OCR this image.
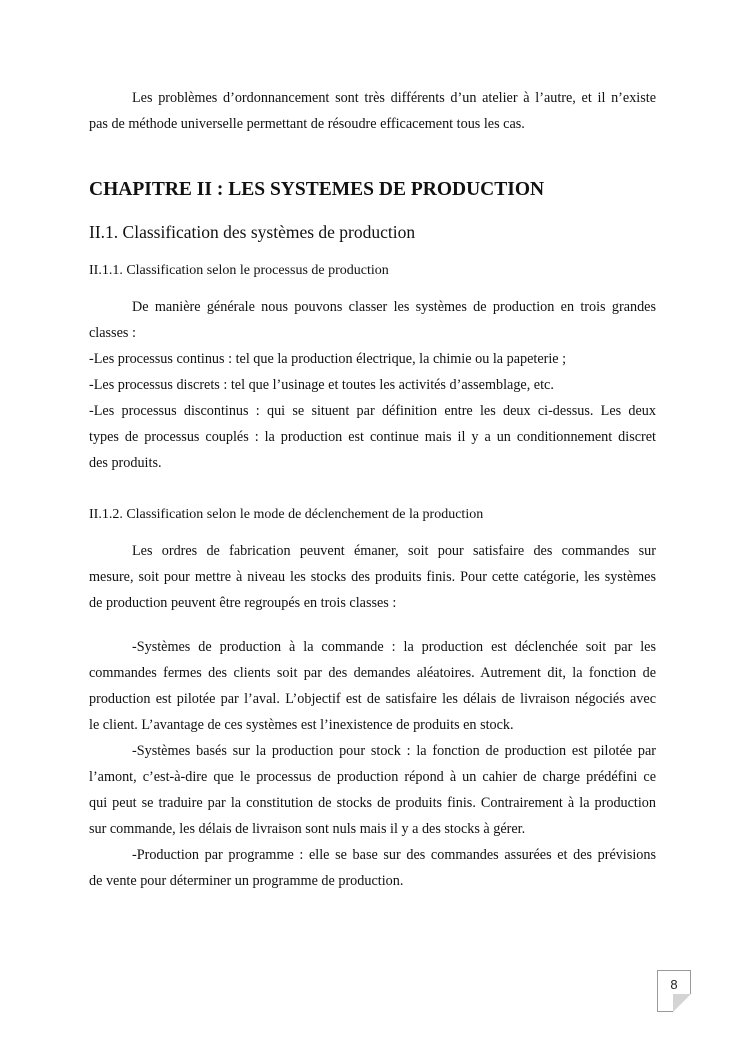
Les problèmes d’ordonnancement sont très différents d’un atelier à l’autre, et il n’existe
pas de méthode universelle permettant de résoudre efficacement tous les cas.
CHAPITRE II : LES SYSTEMES DE PRODUCTION
II.1. Classification des systèmes de production
II.1.1. Classification selon le processus de production
De manière générale nous pouvons classer les systèmes de production en trois grandes
classes :
-Les processus continus : tel que la production électrique, la chimie ou la papeterie ;
-Les processus discrets : tel que l’usinage et toutes les activités d’assemblage, etc.
-Les processus discontinus : qui se situent par définition entre les deux ci-dessus. Les deux
types de processus couplés : la production est continue mais il y a un conditionnement discret
des produits.
II.1.2. Classification selon le mode de déclenchement de la production
Les ordres de fabrication peuvent émaner, soit pour satisfaire des commandes sur
mesure, soit pour mettre à niveau les stocks des produits finis. Pour cette catégorie, les systèmes
de production peuvent être regroupés en trois classes :
-Systèmes de production à la commande : la production est déclenchée soit par les
commandes fermes des clients soit par des demandes aléatoires. Autrement dit, la fonction de
production est pilotée par l’aval. L’objectif est de satisfaire les délais de livraison négociés avec
le client. L’avantage de ces systèmes est l’inexistence de produits en stock.
-Systèmes basés sur la production pour stock : la fonction de production est pilotée par
l’amont, c’est-à-dire que le processus de production répond à un cahier de charge prédéfini ce
qui peut se traduire par la constitution de stocks de produits finis. Contrairement à la production
sur commande, les délais de livraison sont nuls mais il y a des stocks à gérer.
-Production par programme : elle se base sur des commandes assurées et des prévisions
de vente pour déterminer un programme de production.
8
